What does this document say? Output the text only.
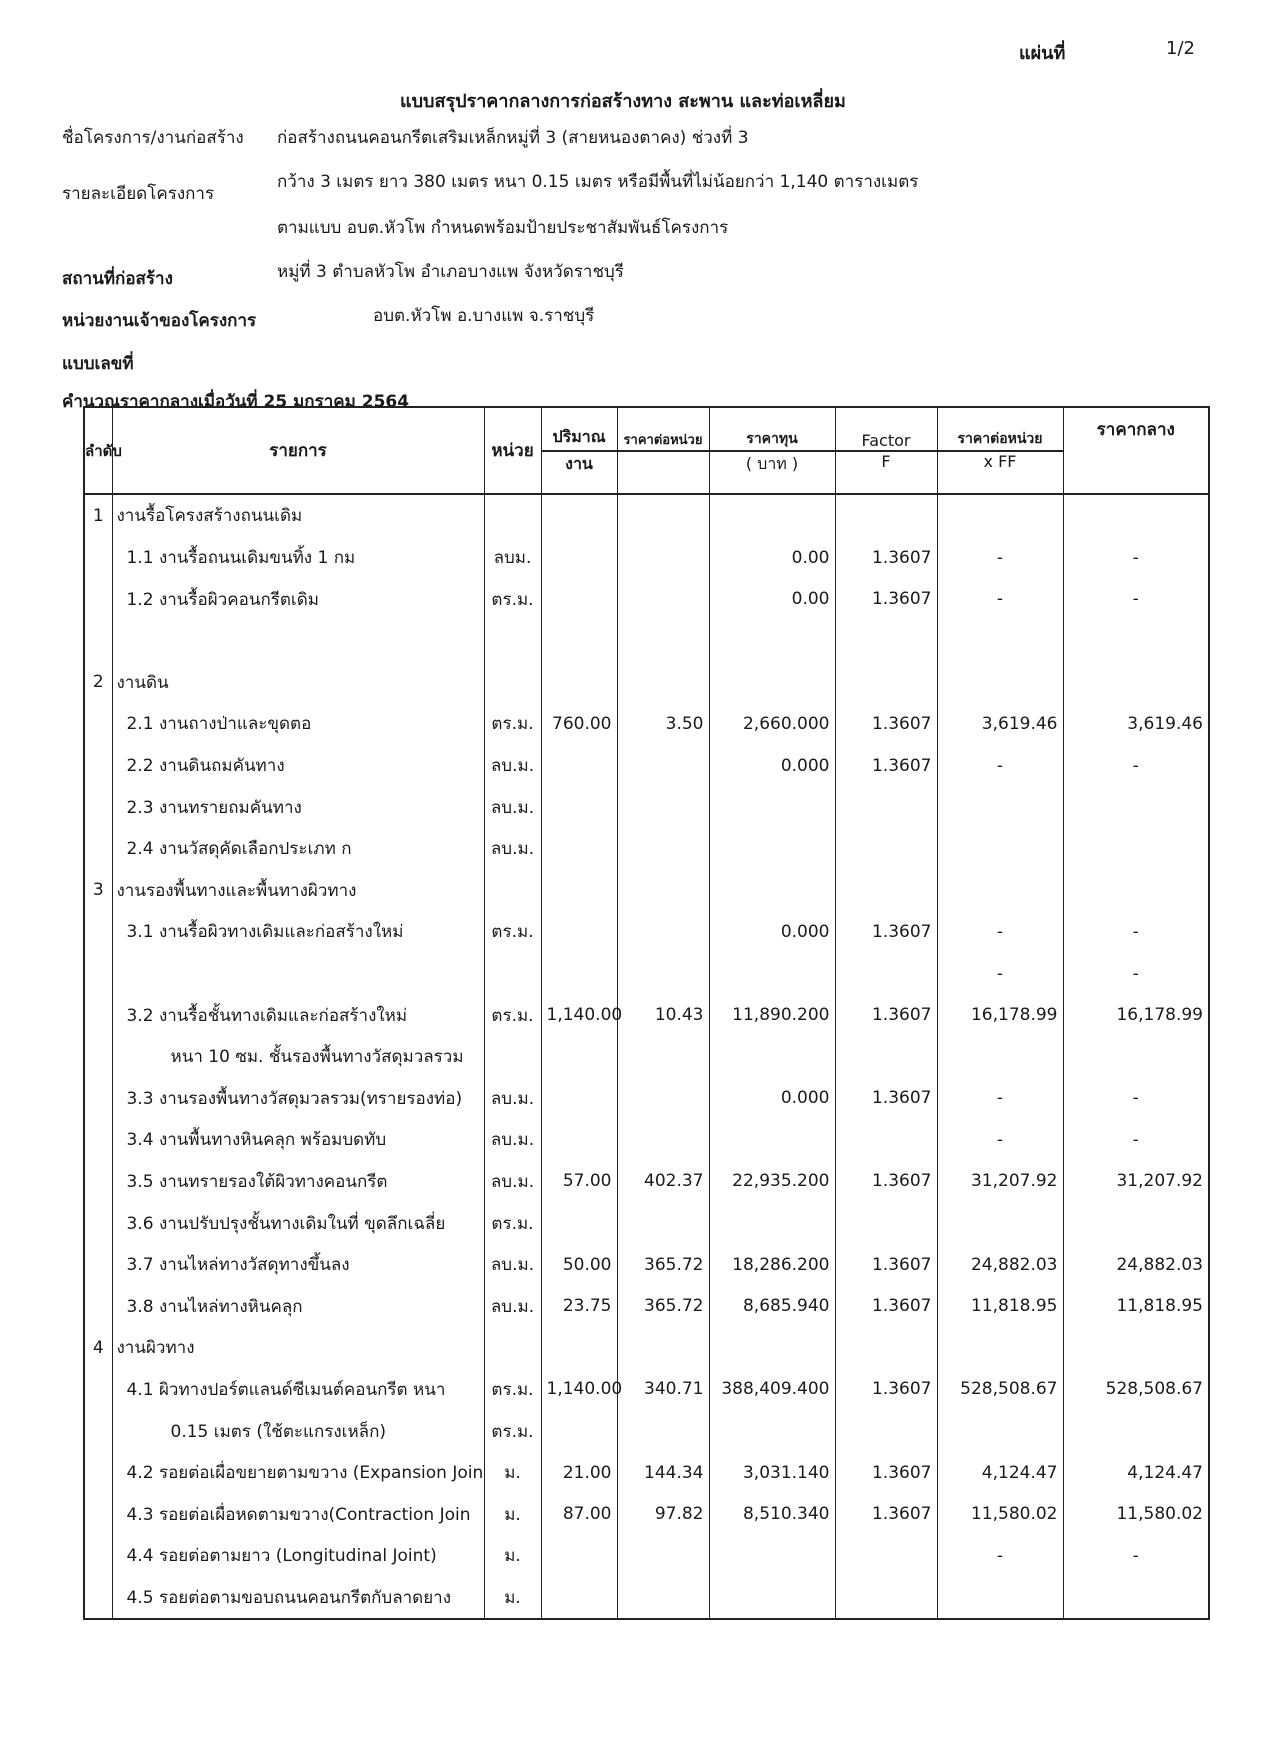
แผ่นที่	1/2
แบบสรุปราคากลางการก่อสร้างทาง สะพาน และท่อเหลี่ยม
ชื่อโครงการ/งานก่อสร้าง ก่อสร้างถนนคอนกรีตเสริมเหล็กหมู่ที่ 3 (สายหนองตาคง) ช่วงที่ 3
รายละเอียดโครงการ
กว้าง 3 เมตร ยาว 380 เมตร หนา 0.15 เมตร หรือมีพื้นที่ไม่น้อยกว่า 1,140 ตารางเมตร
ตามแบบ อบต.หัวโพ กำหนดพร้อมป้ายประชาสัมพันธ์โครงการ
สถานที่ก่อสร้าง	หมู่ที่ 3 ตำบลหัวโพ อำเภอบางแพ จังหวัดราชบุรี
หน่วยงานเจ้าของโครงการ	อบต.หัวโพ อ.บางแพ จ.ราชบุรี
แบบเลขที่
คำนวณราคากลางเมื่อวันที่ 25 มกราคม 2564
ลำดับ	รายการ	หน่วย	ปริมาณ	ราคาต่อหน่วย	ราคาทุน	Factor	ราคาต่อหน่วย	ราคากลาง
			งาน		( บาท )	F	x FF	
1	งานรื้อโครงสร้างถนนเดิม							
	1.1 งานรื้อถนนเดิมขนทิ้ง 1 กม	ลบม.			0.00	1.3607	-	-
	1.2 งานรื้อผิวคอนกรีตเดิม	ตร.ม.			0.00	1.3607	-	-

2	งานดิน							
	2.1 งานถางป่าและขุดตอ	ตร.ม.	760.00	3.50	2,660.000	1.3607	3,619.46	3,619.46
	2.2 งานดินถมคันทาง	ลบ.ม.			0.000	1.3607	-	-
	2.3 งานทรายถมคันทาง	ลบ.ม.						
	2.4 งานวัสดุคัดเลือกประเภท ก	ลบ.ม.						
3	งานรองพื้นทางและพื้นทางผิวทาง							
	3.1 งานรื้อผิวทางเดิมและก่อสร้างใหม่	ตร.ม.			0.000	1.3607	-	-
							-	-
	3.2 งานรื้อชั้นทางเดิมและก่อสร้างใหม่	ตร.ม.	1,140.00	10.43	11,890.200	1.3607	16,178.99	16,178.99
	หนา 10 ซม. ชั้นรองพื้นทางวัสดุมวลรวม							
	3.3 งานรองพื้นทางวัสดุมวลรวม(ทรายรองท่อ)	ลบ.ม.			0.000	1.3607	-	-
	3.4 งานพื้นทางหินคลุก พร้อมบดทับ	ลบ.ม.					-	-
	3.5 งานทรายรองใต้ผิวทางคอนกรีต	ลบ.ม.	57.00	402.37	22,935.200	1.3607	31,207.92	31,207.92
	3.6 งานปรับปรุงชั้นทางเดิมในที่ ขุดลึกเฉลี่ย	ตร.ม.						
	3.7 งานไหล่ทางวัสดุทางขึ้นลง	ลบ.ม.	50.00	365.72	18,286.200	1.3607	24,882.03	24,882.03
	3.8 งานไหล่ทางหินคลุก	ลบ.ม.	23.75	365.72	8,685.940	1.3607	11,818.95	11,818.95
4	งานผิวทาง							
	4.1 ผิวทางปอร์ตแลนด์ซีเมนต์คอนกรีต หนา	ตร.ม.	1,140.00	340.71	388,409.400	1.3607	528,508.67	528,508.67
	0.15 เมตร (ใช้ตะแกรงเหล็ก)	ตร.ม.						
	4.2 รอยต่อเผื่อขยายตามขวาง (Expansion Join	ม.	21.00	144.34	3,031.140	1.3607	4,124.47	4,124.47
	4.3 รอยต่อเผื่อหดตามขวาง(Contraction Join	ม.	87.00	97.82	8,510.340	1.3607	11,580.02	11,580.02
	4.4 รอยต่อตามยาว (Longitudinal Joint)	ม.					-	-
	4.5 รอยต่อตามขอบถนนคอนกรีตกับลาดยาง	ม.						
